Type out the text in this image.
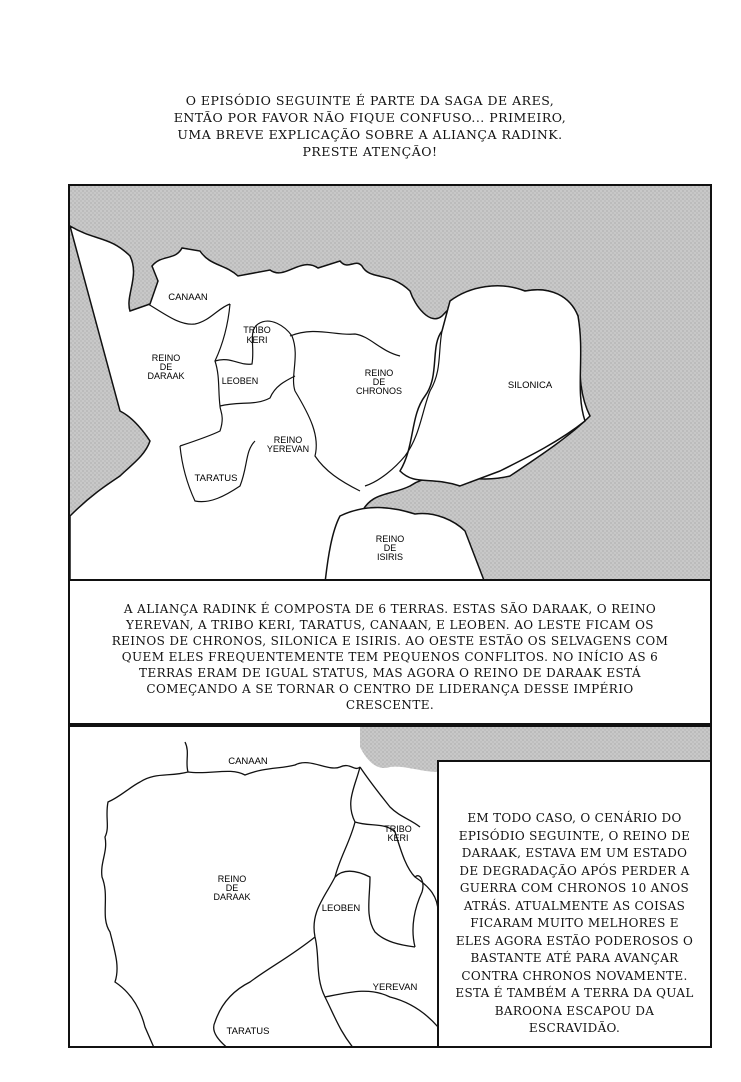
O EPISÓDIO SEGUINTE É PARTE DA SAGA DE ARES,
ENTÃO POR FAVOR NÃO FIQUE CONFUSO... PRIMEIRO,
UMA BREVE EXPLICAÇÃO SOBRE A ALIANÇA RADINK.
PRESTE ATENÇÃO!
CANAAN
TRIBO
KERI
REINO
DE
DARAAK	LEOBEN
REINO
DE
CHRONOS	SILONICA
REINO
YEREVAN
TARATUS
REINO
DE
ISIRIS
A ALIANÇA RADINK É COMPOSTA DE 6 TERRAS. ESTAS SÃO DARAAK, O REINO YEREVAN, A TRIBO KERI, TARATUS, CANAAN, E LEOBEN. AO LESTE FICAM OS REINOS DE CHRONOS, SILONICA E ISIRIS. AO OESTE ESTÃO OS SELVAGENS COM QUEM ELES FREQUENTEMENTE TEM PEQUENOS CONFLITOS. NO INÍCIO AS 6 TERRAS ERAM DE IGUAL STATUS, MAS AGORA O REINO DE DARAAK ESTÁ COMEÇANDO A SE TORNAR O CENTRO DE LIDERANÇA DESSE IMPÉRIO CRESCENTE.
CANAAN
TRIBO
KERI
REINO
DE
DARAAK
LEOBEN
YEREVAN
TARATUS
EM TODO CASO, O CENÁRIO DO EPISÓDIO SEGUINTE, O REINO DE DARAAK, ESTAVA EM UM ESTADO DE DEGRADAÇÃO APÓS PERDER A GUERRA COM CHRONOS 10 ANOS ATRÁS. ATUALMENTE AS COISAS FICARAM MUITO MELHORES E ELES AGORA ESTÃO PODEROSOS O BASTANTE ATÉ PARA AVANÇAR CONTRA CHRONOS NOVAMENTE. ESTA É TAMBÉM A TERRA DA QUAL BAROONA ESCAPOU DA ESCRAVIDÃO.
